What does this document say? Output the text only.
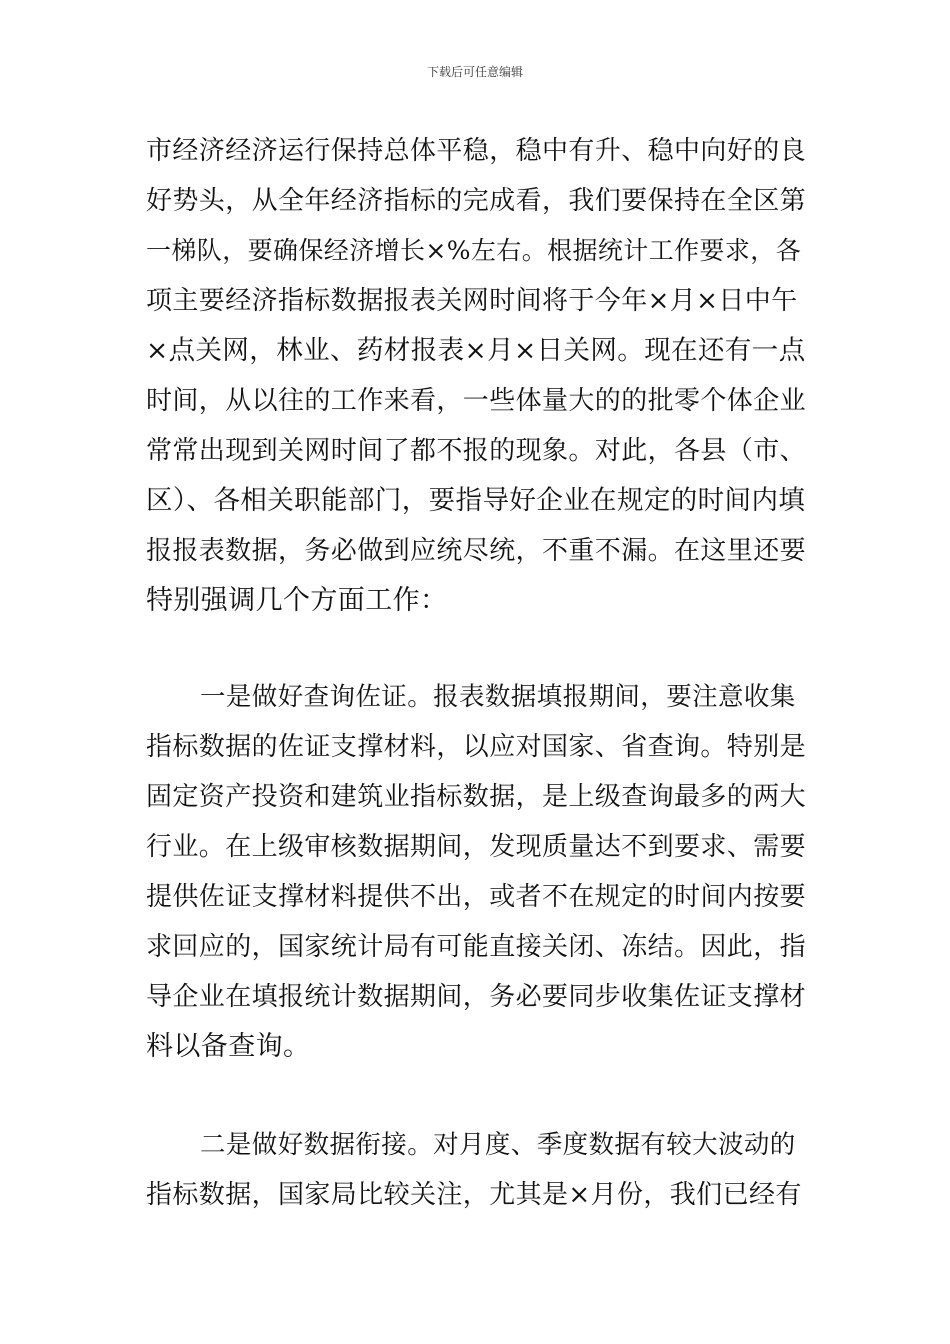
下载后可任意编辑
市经济经济运行保持总体平稳，稳中有升、稳中向好的良
好势头，从全年经济指标的完成看，我们要保持在全区第
一梯队，要确保经济增长×%左右。根据统计工作要求，各
项主要经济指标数据报表关网时间将于今年×月×日中午
×点关网，林业、药材报表×月×日关网。现在还有一点
时间，从以往的工作来看，一些体量大的的批零个体企业
常常出现到关网时间了都不报的现象。对此，各县（市、
区）、各相关职能部门，要指导好企业在规定的时间内填
报报表数据，务必做到应统尽统，不重不漏。在这里还要
特别强调几个方面工作：
一是做好查询佐证。报表数据填报期间，要注意收集
指标数据的佐证支撑材料，以应对国家、省查询。特别是
固定资产投资和建筑业指标数据，是上级查询最多的两大
行业。在上级审核数据期间，发现质量达不到要求、需要
提供佐证支撑材料提供不出，或者不在规定的时间内按要
求回应的，国家统计局有可能直接关闭、冻结。因此，指
导企业在填报统计数据期间，务必要同步收集佐证支撑材
料以备查询。
二是做好数据衔接。对月度、季度数据有较大波动的
指标数据，国家局比较关注，尤其是×月份，我们已经有
